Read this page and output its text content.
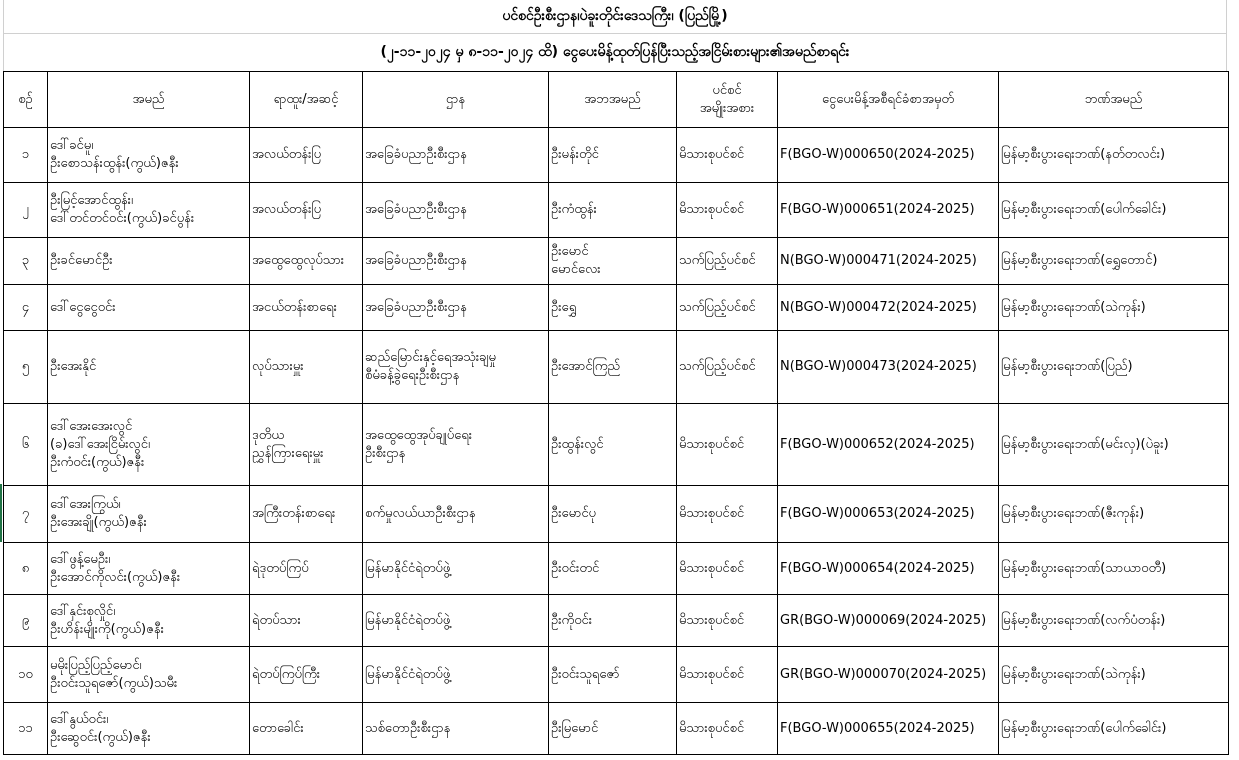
ပင်စင်ဦးစီးဌာန၊ပဲခူးတိုင်းဒေသကြီး၊ (ပြည်မြို့)
(၂-၁၁-၂၀၂၄ မှ ၈-၁၁-၂၀၂၄ ထိ) ငွေပေးမိန့်ထုတ်ပြန်ပြီးသည့်အငြိမ်းစားများ၏အမည်စာရင်း
စဉ်	အမည်	ရာထူး/အဆင့်	ဌာန	အဘအမည်	ပင်စင်
အမျိုးအစား	ငွေပေးမိန့်အစီရင်ခံစာအမှတ်	ဘဏ်အမည်
၁	ဒေါ်ခင်မူ၊
ဦးစောသန်းထွန်း(ကွယ်)ဇနီး	အလယ်တန်းပြ	အခြေခံပညာဦးစီးဌာန	ဦးမန်းတိုင်	မိသားစုပင်စင်	F(BGO-W)000650(2024-2025)	မြန်မာ့စီးပွားရေးဘဏ်(နတ်တလင်း)
၂	ဦးမြင့်အောင်ထွန်း၊
ဒေါ်တင်တင်ဝင်း(ကွယ်)ခင်ပွန်း	အလယ်တန်းပြ	အခြေခံပညာဦးစီးဌာန	ဦးကံထွန်း	မိသားစုပင်စင်	F(BGO-W)000651(2024-2025)	မြန်မာ့စီးပွားရေးဘဏ်(ပေါက်ခေါင်း)
၃	ဦးခင်မောင်ဦး	အထွေထွေလုပ်သား	အခြေခံပညာဦးစီးဌာန	ဦးမောင်
မောင်လေး	သက်ပြည့်ပင်စင်	N(BGO-W)000471(2024-2025)	မြန်မာ့စီးပွားရေးဘဏ်(ရွှေတောင်)
၄	ဒေါ်ငွေငွေဝင်း	အငယ်တန်းစာရေး	အခြေခံပညာဦးစီးဌာန	ဦးရွှေ	သက်ပြည့်ပင်စင်	N(BGO-W)000472(2024-2025)	မြန်မာ့စီးပွားရေးဘဏ်(သဲကုန်း)
၅	ဦးအေးနိုင်	လုပ်သားမှူး	ဆည်မြောင်းနှင့်ရေအသုံးချမှု
စီမံခန့်ခွဲရေးဦးစီးဌာန	ဦးအောင်ကြည်	သက်ပြည့်ပင်စင်	N(BGO-W)000473(2024-2025)	မြန်မာ့စီးပွားရေးဘဏ်(ပြည်)
၆	ဒေါ်အေးအေးလွင်
(ခ)ဒေါ်အေးငြိမ်းလွင်၊
ဦးကံဝင်း(ကွယ်)ဇနီး	ဒုတိယ
ညွှန်ကြားရေးမှူး	အထွေထွေအုပ်ချုပ်ရေး
ဦးစီးဌာန	ဦးထွန်းလွင်	မိသားစုပင်စင်	F(BGO-W)000652(2024-2025)	မြန်မာ့စီးပွားရေးဘဏ်(မင်းလှ)(ပဲခူး)
၇	ဒေါ်အေးကြွယ်၊
ဦးအေးချို(ကွယ်)ဇနီး	အကြီးတန်းစာရေး	စက်မှုလယ်ယာဦးစီးဌာန	ဦးမောင်ပု	မိသားစုပင်စင်	F(BGO-W)000653(2024-2025)	မြန်မာ့စီးပွားရေးဘဏ်(ဇီးကုန်း)
၈	ဒေါ်ဖွန့်မေဦး၊
ဦးအောင်ကိုလင်း(ကွယ်)ဇနီး	ရဲဒုတပ်ကြပ်	မြန်မာနိုင်ငံရဲတပ်ဖွဲ့	ဦးဝင်းတင်	မိသားစုပင်စင်	F(BGO-W)000654(2024-2025)	မြန်မာ့စီးပွားရေးဘဏ်(သာယာဝတီ)
၉	ဒေါ်နှင်းစုလှိုင်၊
ဦးဟိန်းမျိုးကို(ကွယ်)ဇနီး	ရဲတပ်သား	မြန်မာနိုင်ငံရဲတပ်ဖွဲ့	ဦးကိုဝင်း	မိသားစုပင်စင်	GR(BGO-W)000069(2024-2025)	မြန်မာ့စီးပွားရေးဘဏ်(လက်ပံတန်း)
၁၀	မမိုးပြည့်ပြည့်မောင်၊
ဦးဝင်းသူရဇော်(ကွယ်)သမီး	ရဲတပ်ကြပ်ကြီး	မြန်မာနိုင်ငံရဲတပ်ဖွဲ့	ဦးဝင်းသူရဇော်	မိသားစုပင်စင်	GR(BGO-W)000070(2024-2025)	မြန်မာ့စီးပွားရေးဘဏ်(သဲကုန်း)
၁၁	ဒေါ်နွယ်ဝင်း၊
ဦးဆွေဝင်း(ကွယ်)ဇနီး	တောခေါင်း	သစ်တောဦးစီးဌာန	ဦးမြမောင်	မိသားစုပင်စင်	F(BGO-W)000655(2024-2025)	မြန်မာ့စီးပွားရေးဘဏ်(ပေါက်ခေါင်း)
